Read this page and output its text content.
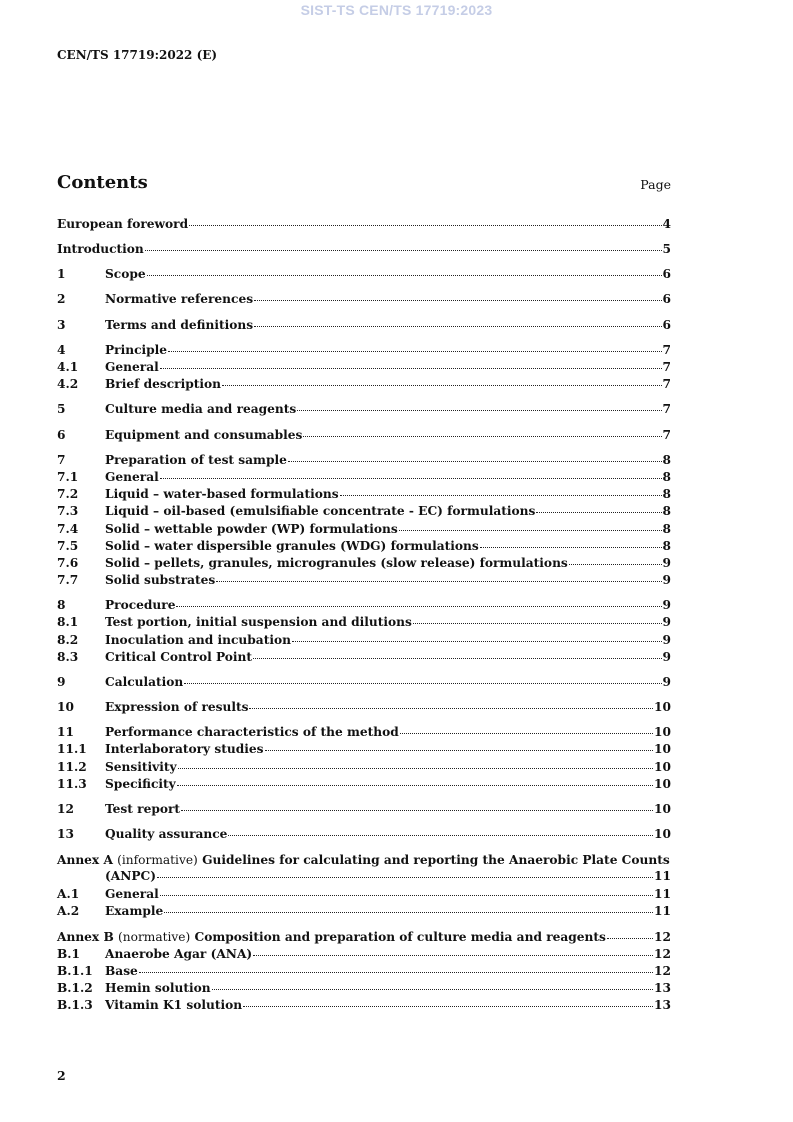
SIST-TS CEN/TS 17719:2023
CEN/TS 17719:2022 (E)
Contents	Page
European foreword	4
Introduction	5
1	Scope	6
2	Normative references	6
3	Terms and definitions	6
4	Principle	7
4.1	General	7
4.2	Brief description	7
5	Culture media and reagents	7
6	Equipment and consumables	7
7	Preparation of test sample	8
7.1	General	8
7.2	Liquid – water-based formulations	8
7.3	Liquid – oil-based (emulsifiable concentrate - EC) formulations	8
7.4	Solid – wettable powder (WP) formulations	8
7.5	Solid – water dispersible granules (WDG) formulations	8
7.6	Solid – pellets, granules, microgranules (slow release) formulations	9
7.7	Solid substrates	9
8	Procedure	9
8.1	Test portion, initial suspension and dilutions	9
8.2	Inoculation and incubation	9
8.3	Critical Control Point	9
9	Calculation	9
10	Expression of results	10
11	Performance characteristics of the method	10
11.1	Interlaboratory studies	10
11.2	Sensitivity	10
11.3	Specificity	10
12	Test report	10
13	Quality assurance	10
Annex A (informative) Guidelines for calculating and reporting the Anaerobic Plate Counts
(ANPC)	11
A.1	General	11
A.2	Example	11
Annex B (normative) Composition and preparation of culture media and reagents	12
B.1	Anaerobe Agar (ANA)	12
B.1.1	Base	12
B.1.2	Hemin solution	13
B.1.3	Vitamin K1 solution	13
2
